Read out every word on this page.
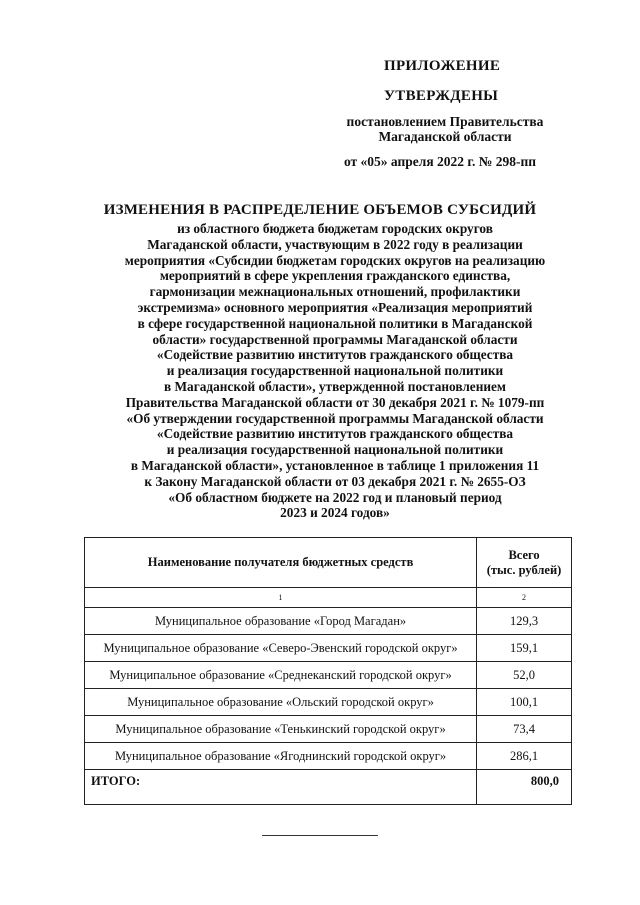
ПРИЛОЖЕНИЕ
УТВЕРЖДЕНЫ
постановлением Правительства
Магаданской области
от «05» апреля 2022 г. № 298-пп
ИЗМЕНЕНИЯ В РАСПРЕДЕЛЕНИЕ ОБЪЕМОВ СУБСИДИЙ
из областного бюджета бюджетам городских округов
Магаданской области, участвующим в 2022 году в реализации
мероприятия «Субсидии бюджетам городских округов на реализацию
мероприятий в сфере укрепления гражданского единства,
гармонизации межнациональных отношений, профилактики
экстремизма» основного мероприятия «Реализация мероприятий
в сфере государственной национальной политики в Магаданской
области» государственной программы Магаданской области
«Содействие развитию институтов гражданского общества
и реализация государственной национальной политики
в Магаданской области», утвержденной постановлением
Правительства Магаданской области от 30 декабря 2021 г. № 1079-пп
«Об утверждении государственной программы Магаданской области
«Содействие развитию институтов гражданского общества
и реализация государственной национальной политики
в Магаданской области», установленное в таблице 1 приложения 11
к Закону Магаданской области от 03 декабря 2021 г. № 2655-ОЗ
«Об областном бюджете на 2022 год и плановый период
2023 и 2024 годов»
Наименование получателя бюджетных средств	Всего
(тыс. рублей)

1	2
Муниципальное образование «Город Магадан»	129,3
Муниципальное образование «Северо-Эвенский городской округ»	159,1
Муниципальное образование «Среднеканский городской округ»	52,0
Муниципальное образование «Ольский городской округ»	100,1
Муниципальное образование «Тенькинский городской округ»	73,4
Муниципальное образование «Ягоднинский городской округ»	286,1
ИТОГО:	800,0
